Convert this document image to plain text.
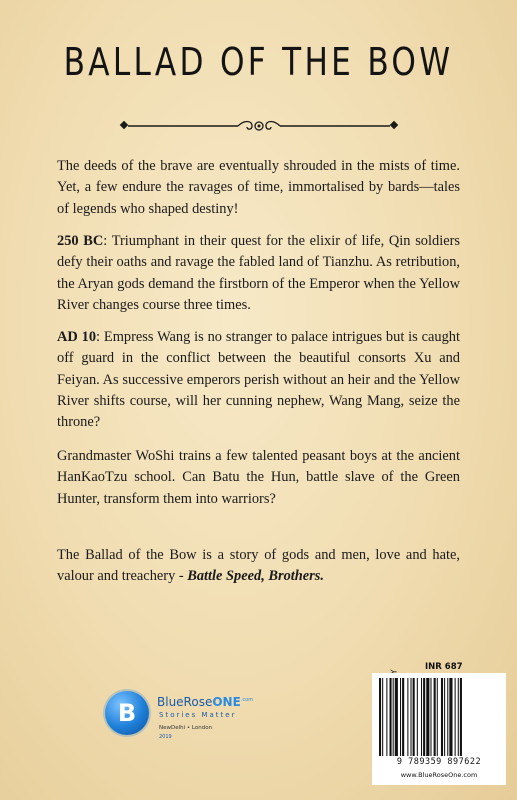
BALLAD OF THE BOW

The deeds of the brave are eventually shrouded in the mists of time. Yet, a few endure the ravages of time, immortalised by bards—tales of legends who shaped destiny!

250 BC: Triumphant in their quest for the elixir of life, Qin soldiers defy their oaths and ravage the fabled land of Tianzhu. As retribution, the Aryan gods demand the firstborn of the Emperor when the Yellow River changes course three times.

AD 10: Empress Wang is no stranger to palace intrigues but is caught off guard in the conflict between the beautiful consorts Xu and Feiyan. As successive emperors perish without an heir and the Yellow River shifts course, will her cunning nephew, Wang Mang, seize the throne?

Grandmaster WoShi trains a few talented peasant boys at the ancient HanKaoTzu school. Can Batu the Hun, battle slave of the Green Hunter, transform them into warriors?

The Ballad of the Bow is a story of gods and men, love and hate, valour and treachery - Battle Speed, Brothers.

B	BlueRoseONE$^{.com}$
Stories Matter
NewDelhi • London
2019
INR 687
9 789359 897622
www.BlueRoseOne.com
